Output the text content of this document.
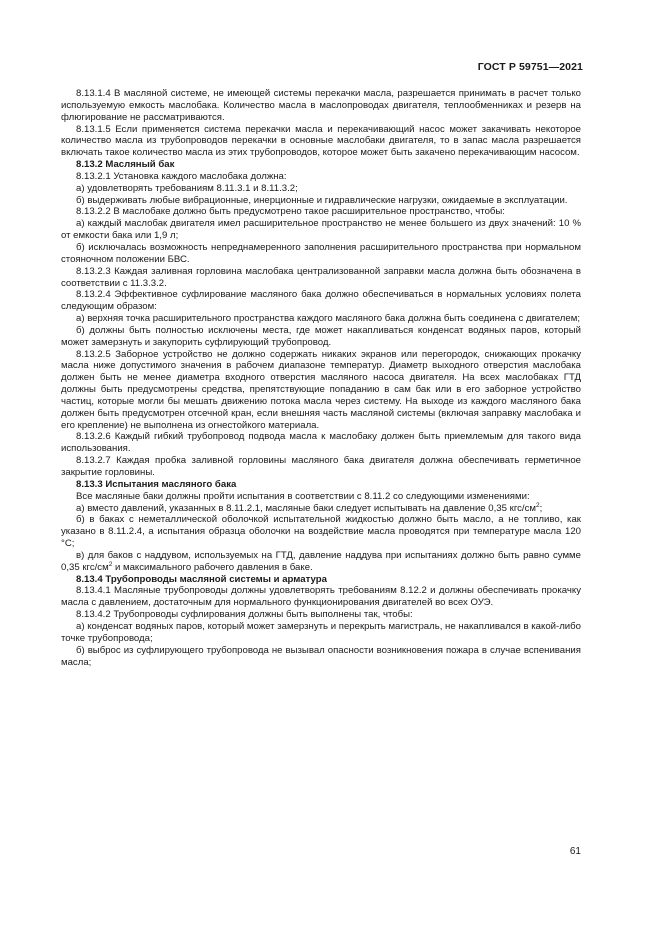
ГОСТ Р 59751—2021

8.13.1.4 В масляной системе, не имеющей системы перекачки масла, разрешается принимать в расчет только используемую емкость маслобака. Количество масла в маслопроводах двигателя, теплообменниках и резерв на флюгирование не рассматриваются.

8.13.1.5 Если применяется система перекачки масла и перекачивающий насос может закачивать некоторое количество масла из трубопроводов перекачки в основные маслобаки двигателя, то в запас масла разрешается включать такое количество масла из этих трубопроводов, которое может быть закачено перекачивающим насосом.

8.13.2 Масляный бак

8.13.2.1 Установка каждого маслобака должна:

а) удовлетворять требованиям 8.11.3.1 и 8.11.3.2;

б) выдерживать любые вибрационные, инерционные и гидравлические нагрузки, ожидаемые в эксплуатации.

8.13.2.2 В маслобаке должно быть предусмотрено такое расширительное пространство, чтобы:

а) каждый маслобак двигателя имел расширительное пространство не менее большего из двух значений: 10 % от емкости бака или 1,9 л;

б) исключалась возможность непреднамеренного заполнения расширительного пространства при нормальном стояночном положении БВС.

8.13.2.3 Каждая заливная горловина маслобака централизованной заправки масла должна быть обозначена в соответствии с 11.3.3.2.

8.13.2.4 Эффективное суфлирование масляного бака должно обеспечиваться в нормальных условиях полета следующим образом:

а) верхняя точка расширительного пространства каждого масляного бака должна быть соединена с двигателем;

б) должны быть полностью исключены места, где может накапливаться конденсат водяных паров, который может замерзнуть и закупорить суфлирующий трубопровод.

8.13.2.5 Заборное устройство не должно содержать никаких экранов или перегородок, снижающих прокачку масла ниже допустимого значения в рабочем диапазоне температур. Диаметр выходного отверстия маслобака должен быть не менее диаметра входного отверстия масляного насоса двигателя. На всех маслобаках ГТД должны быть предусмотрены средства, препятствующие попаданию в сам бак или в его заборное устройство частиц, которые могли бы мешать движению потока масла через систему. На выходе из каждого масляного бака должен быть предусмотрен отсечной кран, если внешняя часть масляной системы (включая заправку маслобака и его крепление) не выполнена из огнестойкого материала.

8.13.2.6 Каждый гибкий трубопровод подвода масла к маслобаку должен быть приемлемым для такого вида использования.

8.13.2.7 Каждая пробка заливной горловины масляного бака двигателя должна обеспечивать герметичное закрытие горловины.

8.13.3 Испытания масляного бака

Все масляные баки должны пройти испытания в соответствии с 8.11.2 со следующими изменениями:

а) вместо давлений, указанных в 8.11.2.1, масляные баки следует испытывать на давление 0,35 кгс/$см^2$;

б) в баках с неметаллической оболочкой испытательной жидкостью должно быть масло, а не топливо, как указано в 8.11.2.4, а испытания образца оболочки на воздействие масла проводятся при температуре масла 120 °С;

в) для баков с наддувом, используемых на ГТД, давление наддува при испытаниях должно быть равно сумме 0,35 кгс/$см^2$ и максимального рабочего давления в баке.

8.13.4 Трубопроводы масляной системы и арматура

8.13.4.1 Масляные трубопроводы должны удовлетворять требованиям 8.12.2 и должны обеспечивать прокачку масла с давлением, достаточным для нормального функционирования двигателей во всех ОУЭ.

8.13.4.2 Трубопроводы суфлирования должны быть выполнены так, чтобы:

а) конденсат водяных паров, который может замерзнуть и перекрыть магистраль, не накапливался в какой-либо точке трубопровода;

б) выброс из суфлирующего трубопровода не вызывал опасности возникновения пожара в случае вспенивания масла;

61
